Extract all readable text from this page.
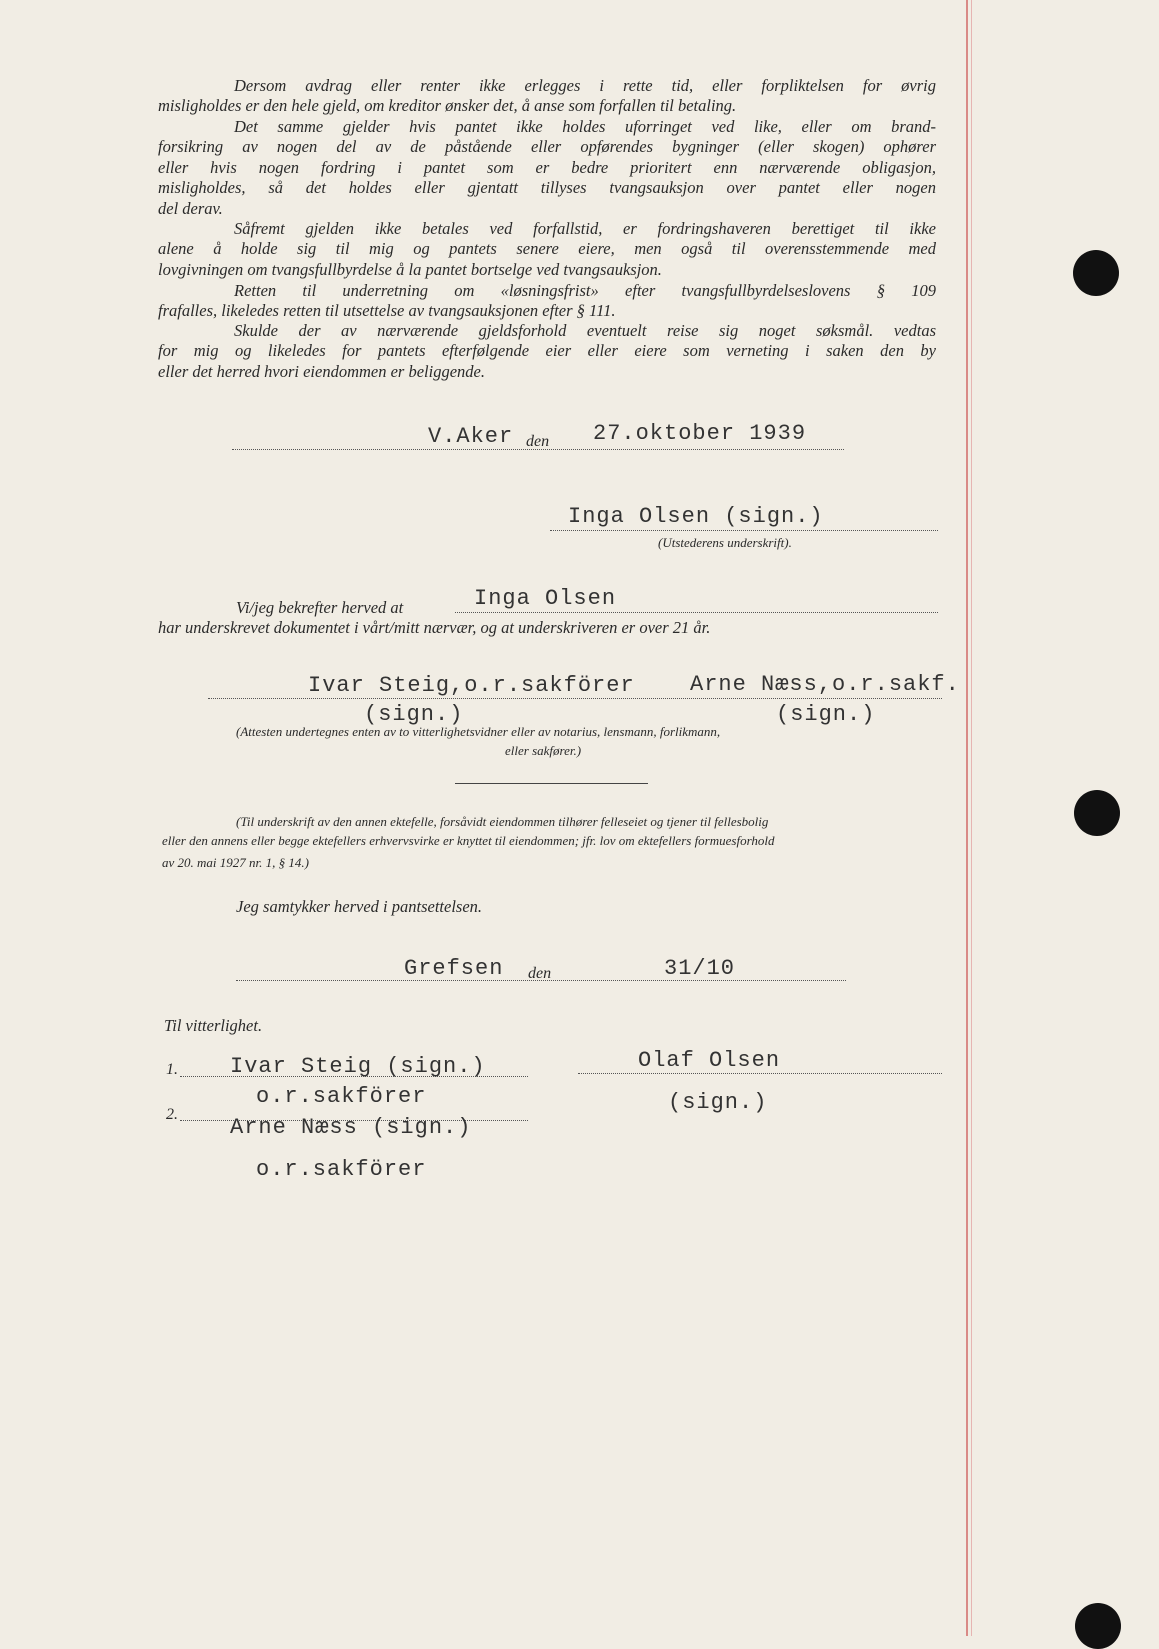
Dersom avdrag eller renter ikke erlegges i rette tid, eller forpliktelsen for øvrig
misligholdes er den hele gjeld, om kreditor ønsker det, å anse som forfallen til betaling.
Det samme gjelder hvis pantet ikke holdes uforringet ved like, eller om brand-
forsikring av nogen del av de påstående eller opførendes bygninger (eller skogen) ophører
eller hvis nogen fordring i pantet som er bedre prioritert enn nærværende obligasjon,
misligholdes, så det holdes eller gjentatt tillyses tvangsauksjon over pantet eller nogen
del derav.
Såfremt gjelden ikke betales ved forfallstid, er fordringshaveren berettiget til ikke
alene å holde sig til mig og pantets senere eiere, men også til overensstemmende med
lovgivningen om tvangsfullbyrdelse å la pantet bortselge ved tvangsauksjon.
Retten til underretning om «løsningsfrist» efter tvangsfullbyrdelseslovens § 109
frafalles, likeledes retten til utsettelse av tvangsauksjonen efter § 111.
Skulde der av nærværende gjeldsforhold eventuelt reise sig noget søksmål. vedtas
for mig og likeledes for pantets efterfølgende eier eller eiere som verneting i saken den by
eller det herred hvori eiendommen er beliggende.
V.Aker den 27.oktober 1939
Inga Olsen (sign.)
(Utstederens underskrift).
Vi/jeg bekrefter herved at	Inga Olsen
har underskrevet dokumentet i vårt/mitt nærvær, og at underskriveren er over 21 år.
Ivar Steig,o.r.sakförer	Arne Næss,o.r.sakf.
(sign.)	(sign.)
(Attesten undertegnes enten av to vitterlighetsvidner eller av notarius, lensmann, forlikmann,
eller sakfører.)
(Til underskrift av den annen ektefelle, forsåvidt eiendommen tilhører felleseiet og tjener til fellesbolig
eller den annens eller begge ektefellers erhvervsvirke er knyttet til eiendommen; jfr. lov om ektefellers formuesforhold
av 20. mai 1927 nr. 1, § 14.)
Jeg samtykker herved i pantsettelsen.
Grefsen den	31/10
Til vitterlighet.
1. Ivar Steig (sign.)
o.r.sakförer
2.
Arne Næss (sign.)
o.r.sakförer
Olaf Olsen
(sign.)
